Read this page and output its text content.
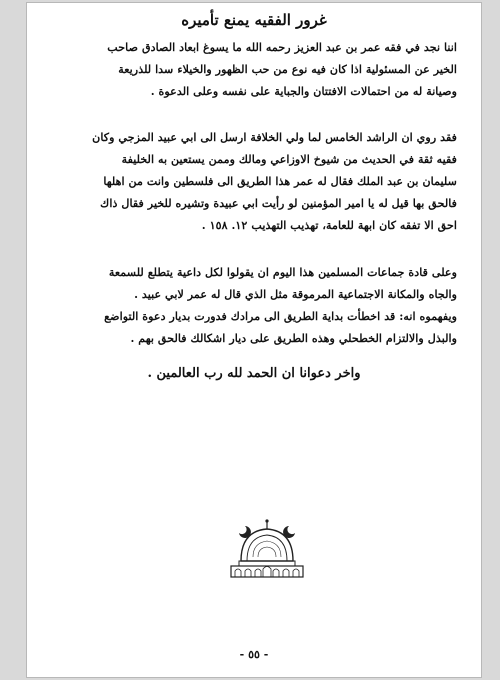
غرور الفقيه يمنع تأميره
اننا نجد في فقه عمر بن عبد العزيز رحمه الله ما يسوغ ابعاد الصادق صاحب
الخير عن المسئولية اذا كان فيه نوع من حب الظهور والخيلاء سدا للذريعة
وصيانة له من احتمالات الافتتان والجباية على نفسه وعلى الدعوة .
فقد روي ان الراشد الخامس لما ولي الخلافة ارسل الى ابي عبيد المزجي وكان
فقيه ثقة في الحديث من شيوخ الاوزاعي ومالك وممن يستعين به الخليفة
سليمان بن عبد الملك فقال له عمر هذا الطريق الى فلسطين وانت من اهلها
فالحق بها قيل له يا امير المؤمنين لو رأيت ابي عبيدة وتشيره للخير فقال ذاك
احق الا تفقه كان ابهة للعامة، تهذيب التهذيب ١٢. ١٥٨ .
وعلى قادة جماعات المسلمين هذا اليوم ان يقولوا لكل داعية يتطلع للسمعة
والجاه والمكانة الاجتماعية المرموقة مثل الذي قال له عمر لابي عبيد .
ويفهموه انه: قد اخطأت بداية الطريق الى مرادك فدورت بديار دعوة التواضع
والبذل والالتزام الخطحلي وهذه الطريق على ديار اشكالك فالحق بهم .
واخر دعوانا ان الحمد لله رب العالمين .
- ٥٥ -
